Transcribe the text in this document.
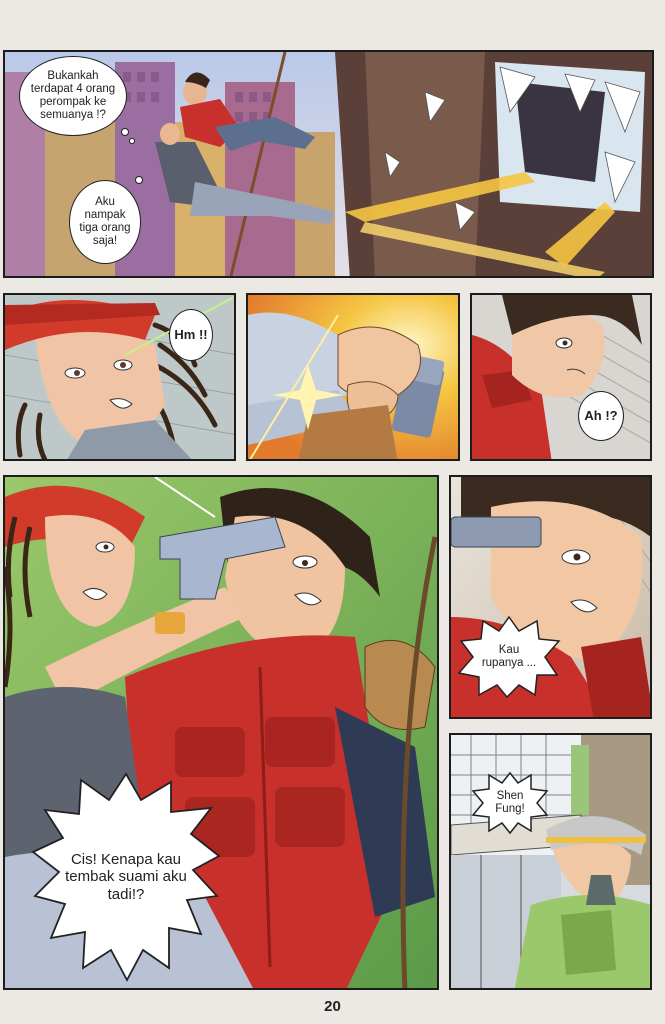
Bukankah terdapat 4 orang perompak ke semuanya !?
Aku nampak tiga orang saja!
Hm !!
Ah !?
Cis! Kenapa kau tembak suami aku tadi!?
Kau rupanya ...
Shen Fung!
20
